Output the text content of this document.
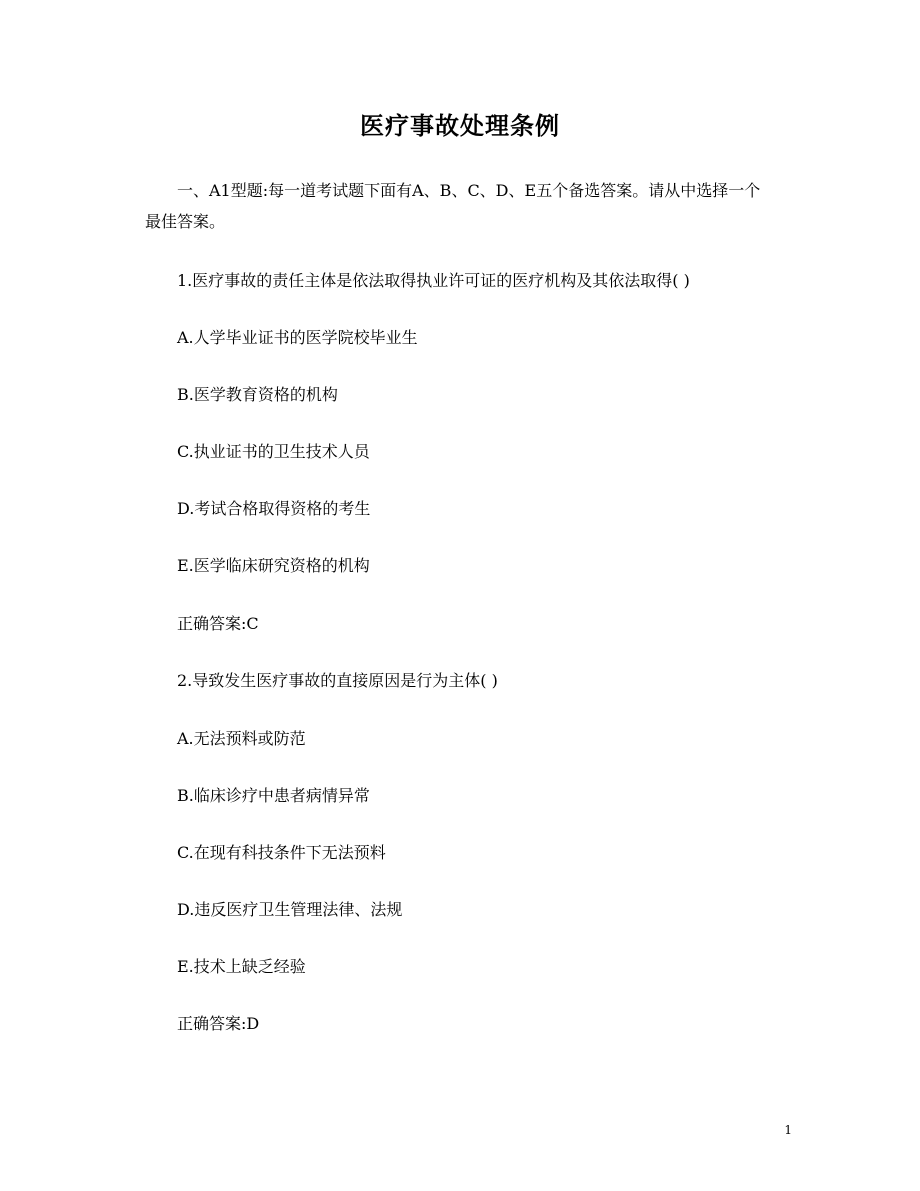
医疗事故处理条例
一、A1型题:每一道考试题下面有A、B、C、D、E五个备选答案。请从中选择一个最佳答案。
1.医疗事故的责任主体是依法取得执业许可证的医疗机构及其依法取得( )
A.人学毕业证书的医学院校毕业生
B.医学教育资格的机构
C.执业证书的卫生技术人员
D.考试合格取得资格的考生
E.医学临床研究资格的机构
正确答案:C
2.导致发生医疗事故的直接原因是行为主体( )
A.无法预料或防范
B.临床诊疗中患者病情异常
C.在现有科技条件下无法预料
D.违反医疗卫生管理法律、法规
E.技术上缺乏经验
正确答案:D
1
